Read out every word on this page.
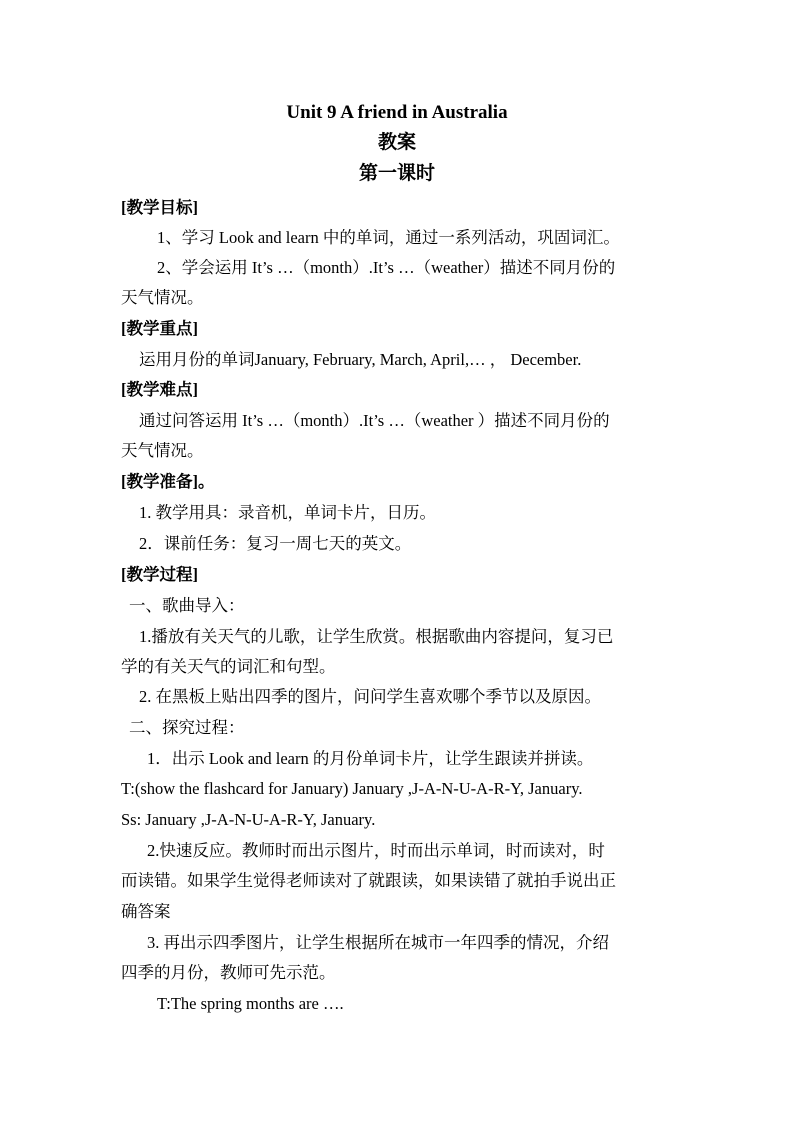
Unit 9 A friend in Australia
教案
第一课时
[教学目标]
1、学习 Look and learn 中的单词，通过一系列活动，巩固词汇。
2、学会运用 It’s …（month）.It’s …（weather）描述不同月份的
天气情况。
[教学重点]
运用月份的单词January, February, March, April,… ， December.
[教学难点]
通过问答运用 It’s …（month）.It’s …（weather ）描述不同月份的
天气情况。
[教学准备]。
1. 教学用具：录音机，单词卡片，日历。
2．课前任务：复习一周七天的英文。
[教学过程]
一、歌曲导入：
1.播放有关天气的儿歌，让学生欣赏。根据歌曲内容提问，复习已
学的有关天气的词汇和句型。
2. 在黑板上贴出四季的图片，问问学生喜欢哪个季节以及原因。
二、探究过程：
1．出示 Look and learn 的月份单词卡片，让学生跟读并拼读。
T:(show the flashcard for January) January ,J-A-N-U-A-R-Y, January.
Ss: January ,J-A-N-U-A-R-Y, January.
2.快速反应。教师时而出示图片，时而出示单词，时而读对，时
而读错。如果学生觉得老师读对了就跟读，如果读错了就拍手说出正
确答案
3. 再出示四季图片，让学生根据所在城市一年四季的情况，介绍
四季的月份，教师可先示范。
T:The spring months are ….
